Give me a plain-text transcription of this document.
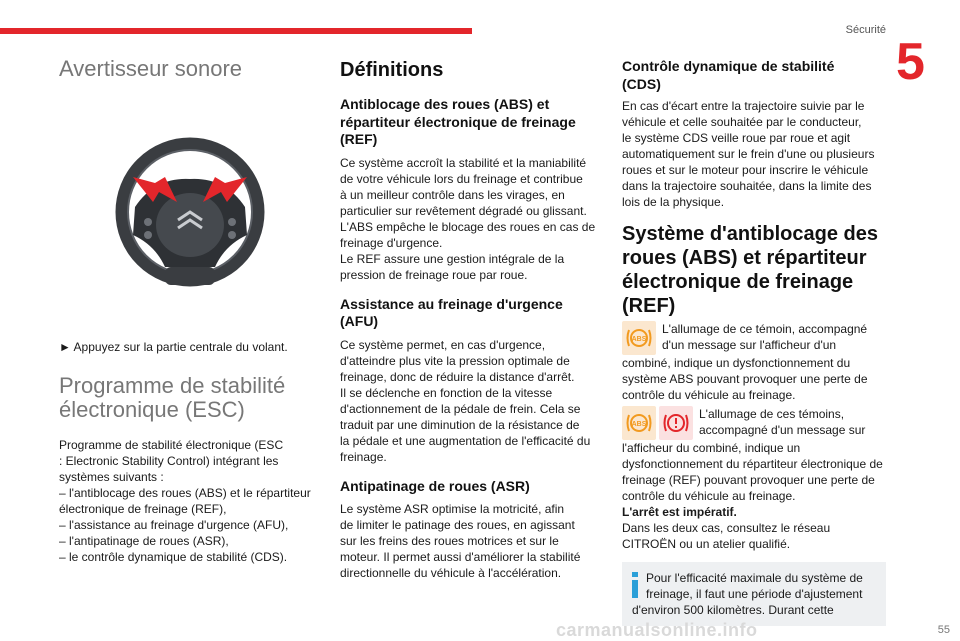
Sécurité
5
Avertisseur sonore

► Appuyez sur la partie centrale du volant.

Programme de stabilité
électronique (ESC)

Programme de stabilité électronique (ESC

: Electronic Stability Control) intégrant les

systèmes suivants :

– l'antiblocage des roues (ABS) et le répartiteur

électronique de freinage (REF),

– l'assistance au freinage d'urgence (AFU),

– l'antipatinage de roues (ASR),

– le contrôle dynamique de stabilité (CDS).

Définitions
Antiblocage des roues (ABS) et
répartiteur électronique de freinage
(REF)

Ce système accroît la stabilité et la maniabilité

de votre véhicule lors du freinage et contribue

à un meilleur contrôle dans les virages, en

particulier sur revêtement dégradé ou glissant.

L'ABS empêche le blocage des roues en cas de

freinage d'urgence.

Le REF assure une gestion intégrale de la

pression de freinage roue par roue.

Assistance au freinage d'urgence
(AFU)

Ce système permet, en cas d'urgence,

d'atteindre plus vite la pression optimale de

freinage, donc de réduire la distance d'arrêt.

Il se déclenche en fonction de la vitesse

d'actionnement de la pédale de frein. Cela se

traduit par une diminution de la résistance de

la pédale et une augmentation de l'efficacité du

freinage.

Antipatinage de roues (ASR)

Le système ASR optimise la motricité, afin

de limiter le patinage des roues, en agissant

sur les freins des roues motrices et sur le

moteur. Il permet aussi d'améliorer la stabilité

directionnelle du véhicule à l'accélération.

Contrôle dynamique de stabilité
(CDS)

En cas d'écart entre la trajectoire suivie par le

véhicule et celle souhaitée par le conducteur,

le système CDS veille roue par roue et agit

automatiquement sur le frein d'une ou plusieurs

roues et sur le moteur pour inscrire le véhicule

dans la trajectoire souhaitée, dans la limite des

lois de la physique.

Système d'antiblocage des
roues (ABS) et répartiteur
électronique de freinage
(REF)
ABS

L'allumage de ce témoin, accompagné

d'un message sur l'afficheur d'un

combiné, indique un dysfonctionnement du

système ABS pouvant provoquer une perte de

contrôle du véhicule au freinage.

ABS

L'allumage de ces témoins,

accompagné d'un message sur

l'afficheur du combiné, indique un

dysfonctionnement du répartiteur électronique de

freinage (REF) pouvant provoquer une perte de

contrôle du véhicule au freinage.

L'arrêt est impératif.

Dans les deux cas, consultez le réseau

CITROËN ou un atelier qualifié.

Pour l'efficacité maximale du système de

freinage, il faut une période d'ajustement

d'environ 500 kilomètres. Durant cette

55
carmanualsonline.info
